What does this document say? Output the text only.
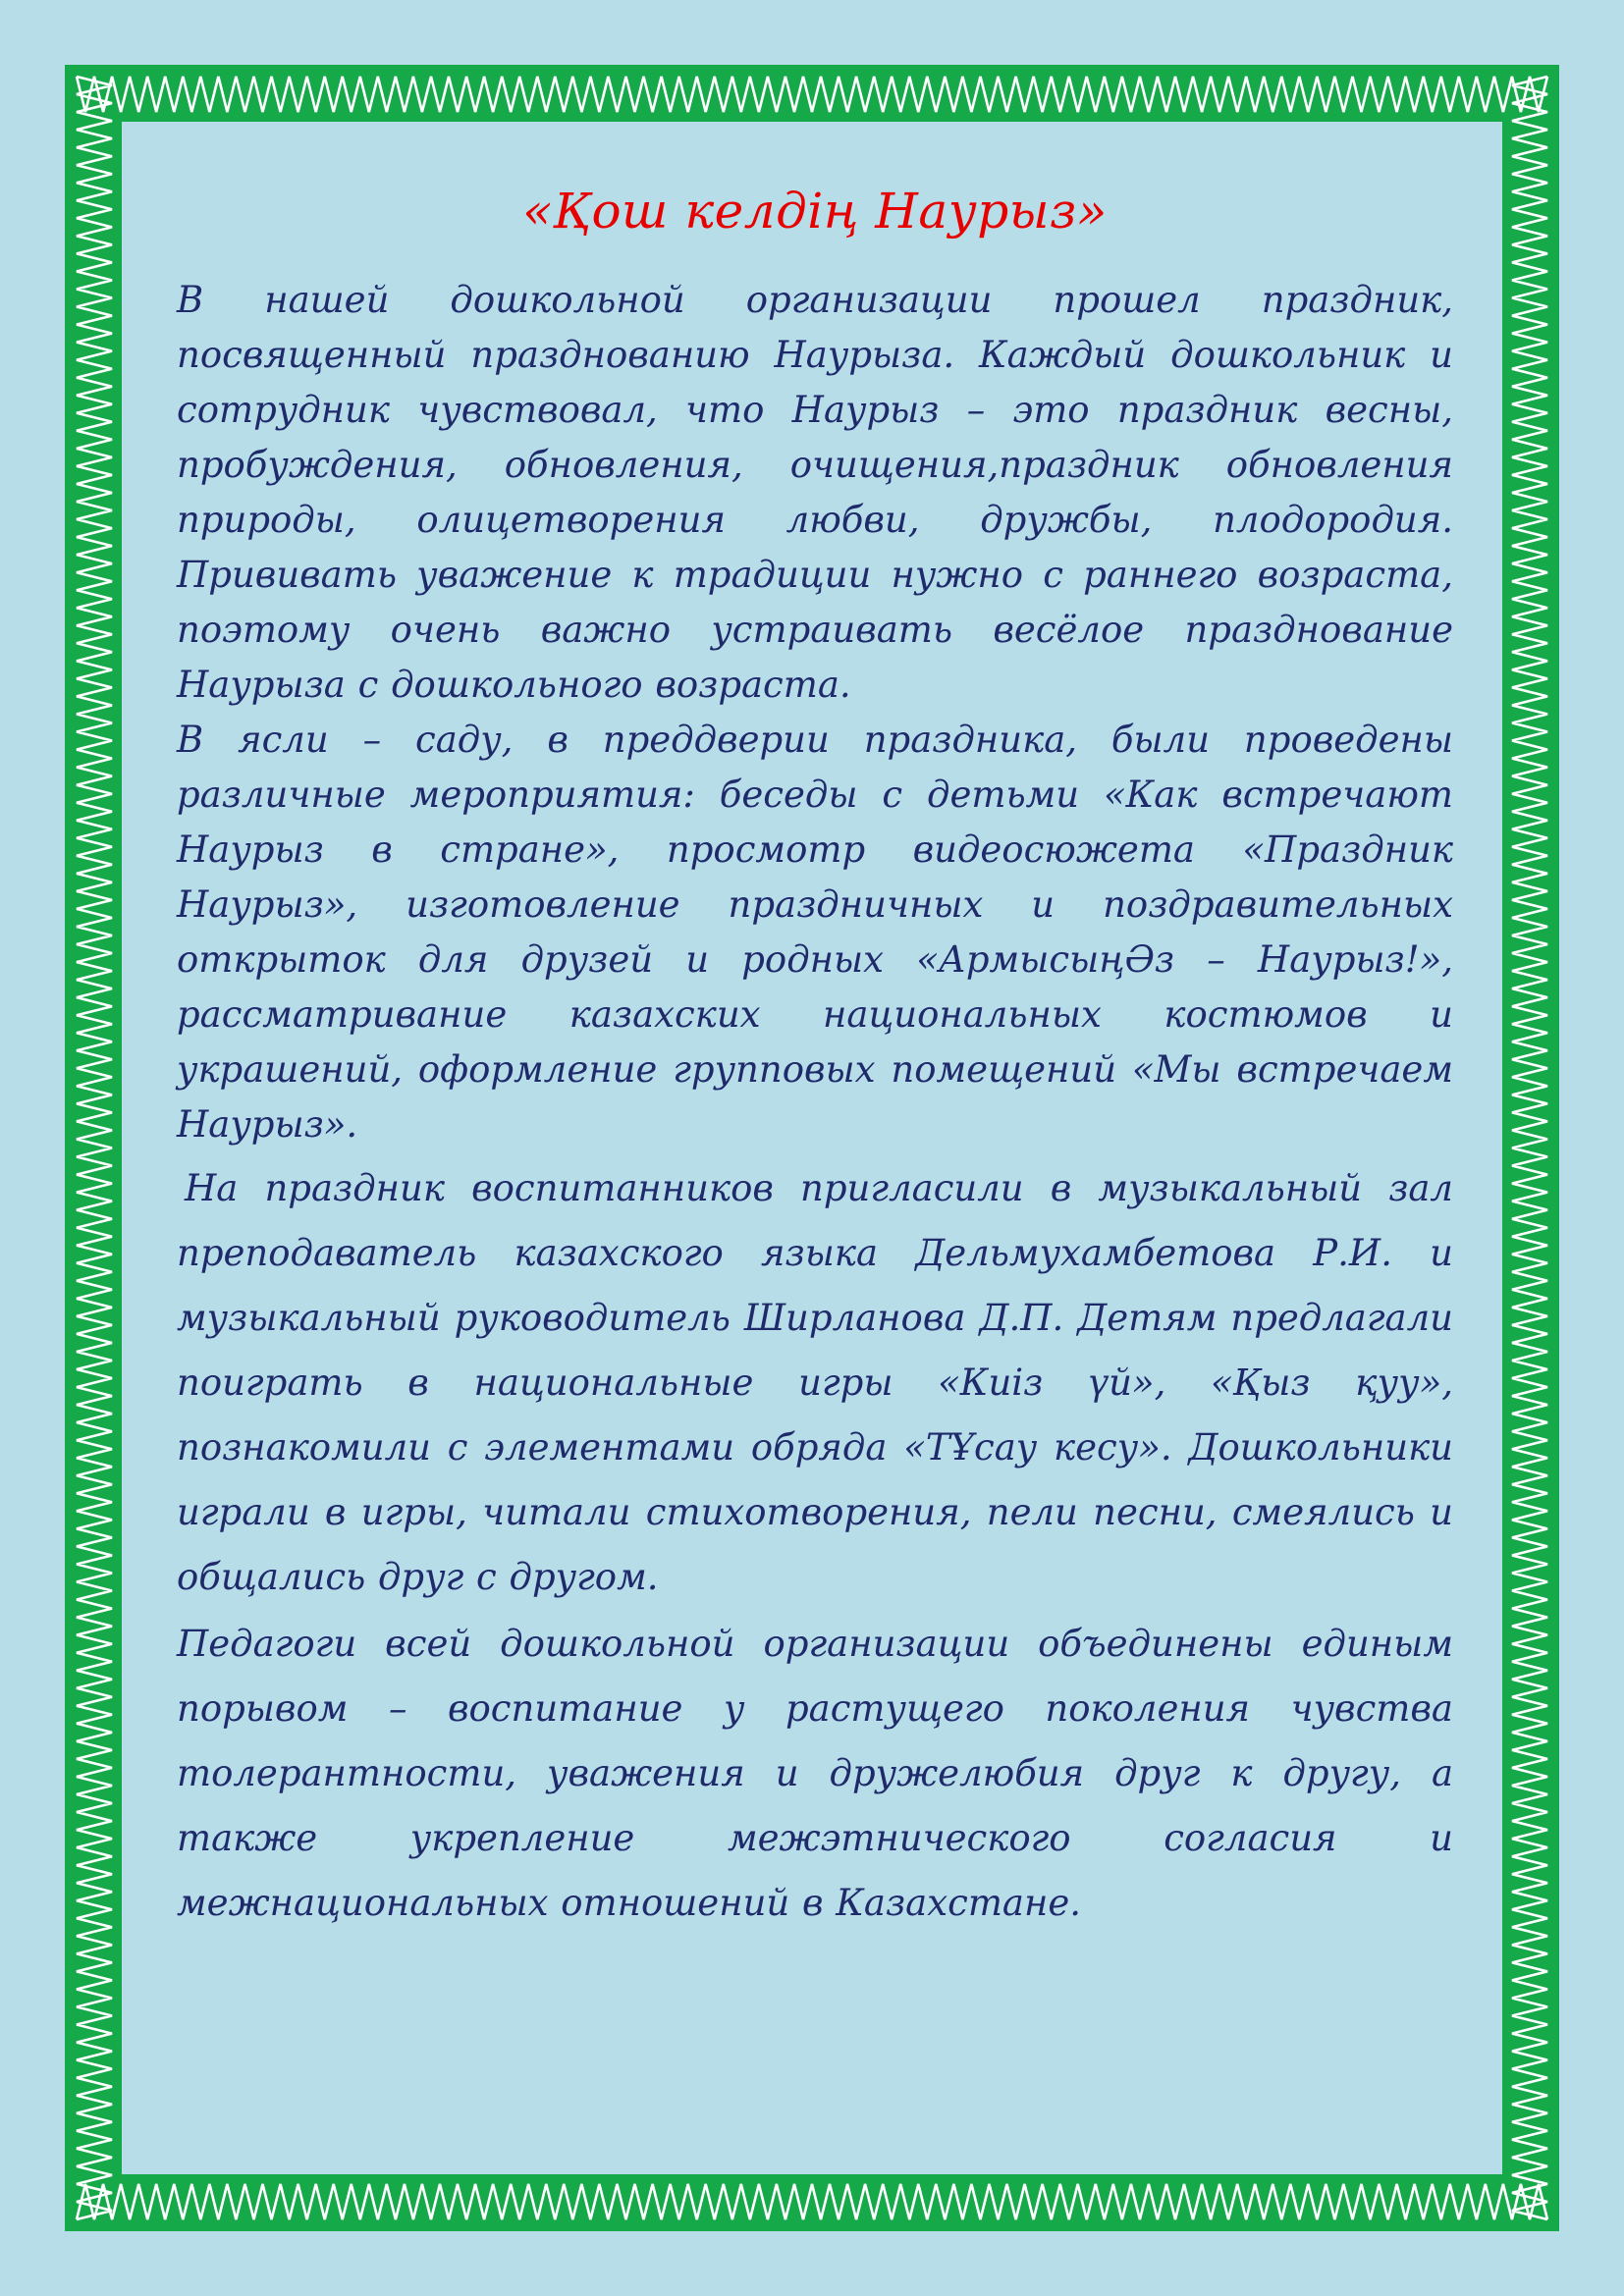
«Қош келдің Наурыз»

В нашей дошкольной организации прошел праздник, посвященный празднованию Наурыза. Каждый дошкольник и сотрудник чувствовал, что Наурыз – это праздник весны, пробуждения, обновления, очищения,праздник обновления природы, олицетворения любви, дружбы, плодородия. Прививать уважение к традиции нужно с раннего возраста, поэтому очень важно устраивать весёлое празднование Наурыза с дошкольного возраста.

В ясли – саду, в преддверии праздника, были проведены различные мероприятия: беседы с детьми «Как встречают Наурыз в стране», просмотр видеосюжета «Праздник Наурыз», изготовление праздничных и поздравительных открыток для друзей и родных «АрмысыңӘз – Наурыз!», рассматривание казахских национальных костюмов и украшений, оформление групповых помещений «Мы встречаем Наурыз».

На праздник воспитанников пригласили в музыкальный зал преподаватель казахского языка Дельмухамбетова Р.И. и музыкальный руководитель Ширланова Д.П. Детям предлагали поиграть в национальные игры «Киіз үй», «Қыз қуу», познакомили с элементами обряда «ТҰсау кесу». Дошкольники играли в игры, читали стихотворения, пели песни, смеялись и общались друг с другом.

Педагоги всей дошкольной организации объединены единым порывом – воспитание у растущего поколения чувства толерантности, уважения и дружелюбия друг к другу, а также укрепление межэтнического согласия и межнациональных отношений в Казахстане.
